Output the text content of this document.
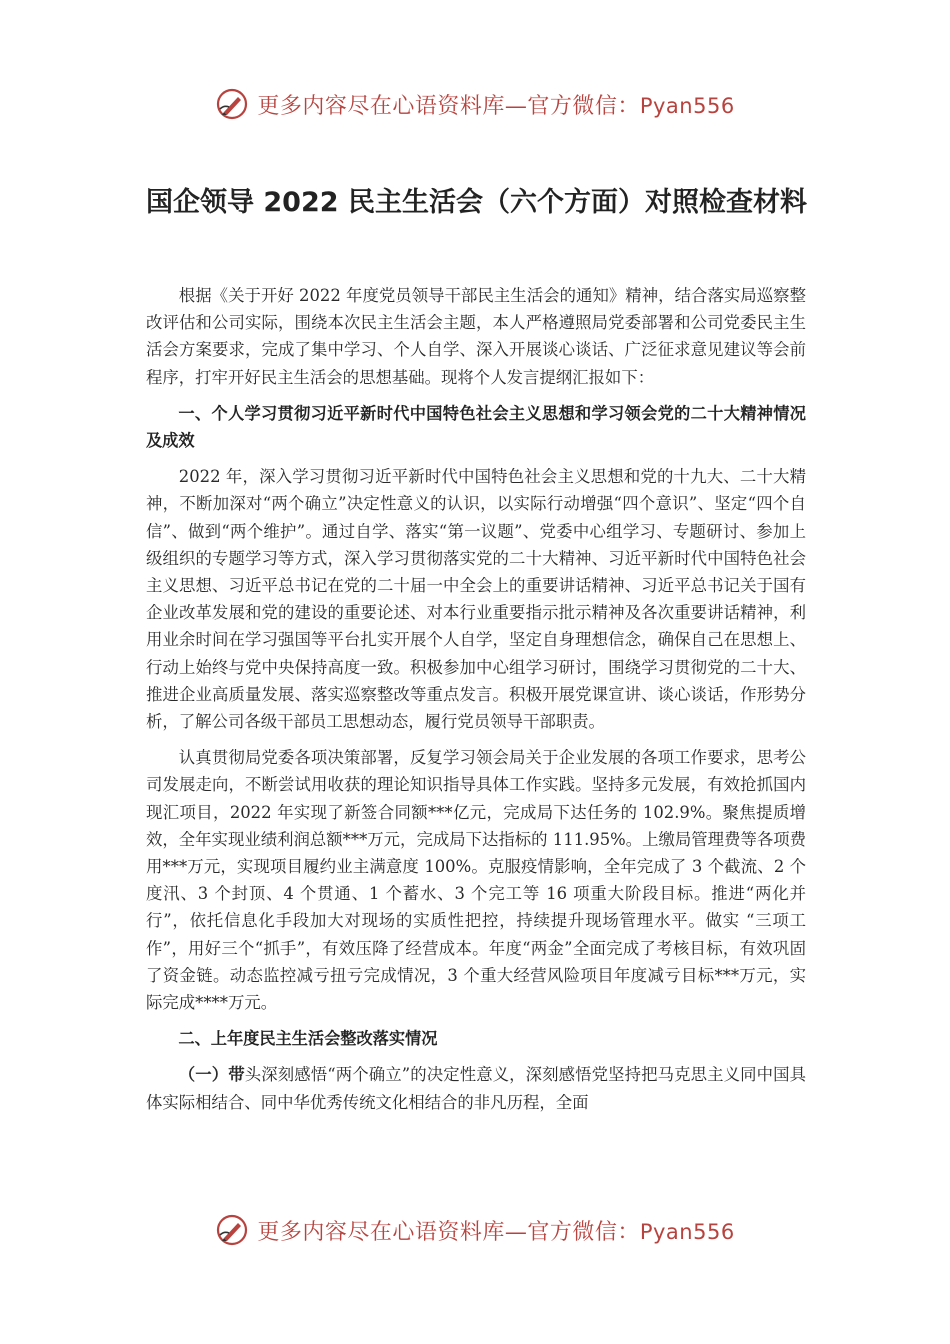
更多内容尽在心语资料库—官方微信：Pyan556
国企领导 2022 民主生活会（六个方面）对照检查材料

根据《关于开好 2022 年度党员领导干部民主生活会的通知》精神，结合落实局巡察整改评估和公司实际，围绕本次民主生活会主题，本人严格遵照局党委部署和公司党委民主生活会方案要求，完成了集中学习、个人自学、深入开展谈心谈话、广泛征求意见建议等会前程序，打牢开好民主生活会的思想基础。现将个人发言提纲汇报如下：

一、个人学习贯彻习近平新时代中国特色社会主义思想和学习领会党的二十大精神情况及成效

2022 年，深入学习贯彻习近平新时代中国特色社会主义思想和党的十九大、二十大精神，不断加深对“两个确立”决定性意义的认识，以实际行动增强“四个意识”、坚定“四个自信”、做到“两个维护”。通过自学、落实“第一议题”、党委中心组学习、专题研讨、参加上级组织的专题学习等方式，深入学习贯彻落实党的二十大精神、习近平新时代中国特色社会主义思想、习近平总书记在党的二十届一中全会上的重要讲话精神、习近平总书记关于国有企业改革发展和党的建设的重要论述、对本行业重要指示批示精神及各次重要讲话精神，利用业余时间在学习强国等平台扎实开展个人自学，坚定自身理想信念，确保自己在思想上、行动上始终与党中央保持高度一致。积极参加中心组学习研讨，围绕学习贯彻党的二十大、推进企业高质量发展、落实巡察整改等重点发言。积极开展党课宣讲、谈心谈话，作形势分析，了解公司各级干部员工思想动态，履行党员领导干部职责。

认真贯彻局党委各项决策部署，反复学习领会局关于企业发展的各项工作要求，思考公司发展走向，不断尝试用收获的理论知识指导具体工作实践。坚持多元发展，有效抢抓国内现汇项目，2022 年实现了新签合同额***亿元，完成局下达任务的 102.9%。聚焦提质增效，全年实现业绩利润总额***万元，完成局下达指标的 111.95%。上缴局管理费等各项费用***万元，实现项目履约业主满意度 100%。克服疫情影响，全年完成了 3 个截流、2 个度汛、3 个封顶、4 个贯通、1 个蓄水、3 个完工等 16 项重大阶段目标。推进“两化并行”，依托信息化手段加大对现场的实质性把控，持续提升现场管理水平。做实 “三项工作”，用好三个“抓手”，有效压降了经营成本。年度“两金”全面完成了考核目标，有效巩固了资金链。动态监控减亏扭亏完成情况，3 个重大经营风险项目年度减亏目标***万元，实际完成****万元。

二、上年度民主生活会整改落实情况

（一）带头深刻感悟“两个确立”的决定性意义，深刻感悟党坚持把马克思主义同中国具体实际相结合、同中华优秀传统文化相结合的非凡历程，全面

更多内容尽在心语资料库—官方微信：Pyan556
